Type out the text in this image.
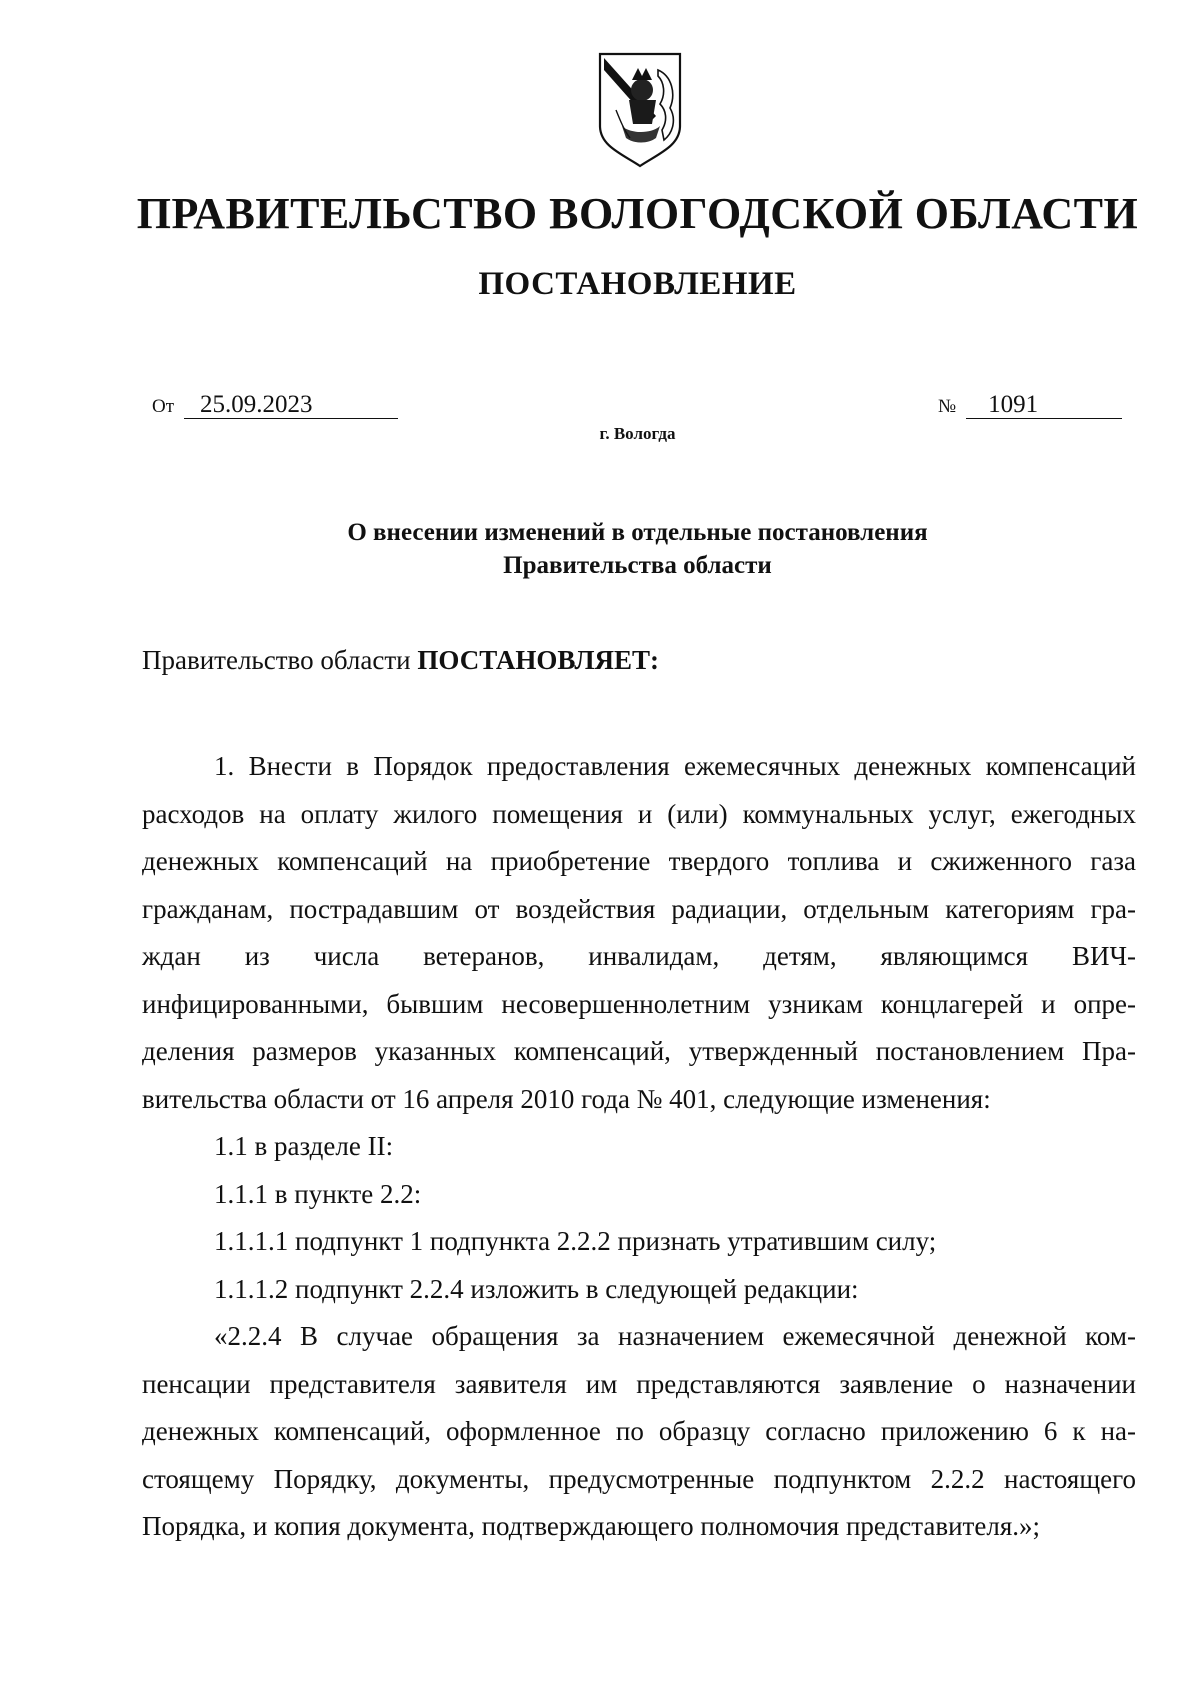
ПРАВИТЕЛЬСТВО ВОЛОГОДСКОЙ ОБЛАСТИ
ПОСТАНОВЛЕНИЕ
От	25.09.2023	№	1091
г. Вологда
О внесении изменений в отдельные постановления
Правительства области
Правительство области ПОСТАНОВЛЯЕТ:
1. Внести в Порядок предоставления ежемесячных денежных компенсаций
расходов на оплату жилого помещения и (или) коммунальных услуг, ежегодных
денежных компенсаций на приобретение твердого топлива и сжиженного газа
гражданам, пострадавшим от воздействия радиации, отдельным категориям гра-
ждан из числа ветеранов, инвалидам, детям, являющимся ВИЧ-
инфицированными, бывшим несовершеннолетним узникам концлагерей и опре-
деления размеров указанных компенсаций, утвержденный постановлением Пра-
вительства области от 16 апреля 2010 года № 401, следующие изменения:
1.1 в разделе II:
1.1.1 в пункте 2.2:
1.1.1.1 подпункт 1 подпункта 2.2.2 признать утратившим силу;
1.1.1.2 подпункт 2.2.4 изложить в следующей редакции:
«2.2.4 В случае обращения за назначением ежемесячной денежной ком-
пенсации представителя заявителя им представляются заявление о назначении
денежных компенсаций, оформленное по образцу согласно приложению 6 к на-
стоящему Порядку, документы, предусмотренные подпунктом 2.2.2 настоящего
Порядка, и копия документа, подтверждающего полномочия представителя.»;
